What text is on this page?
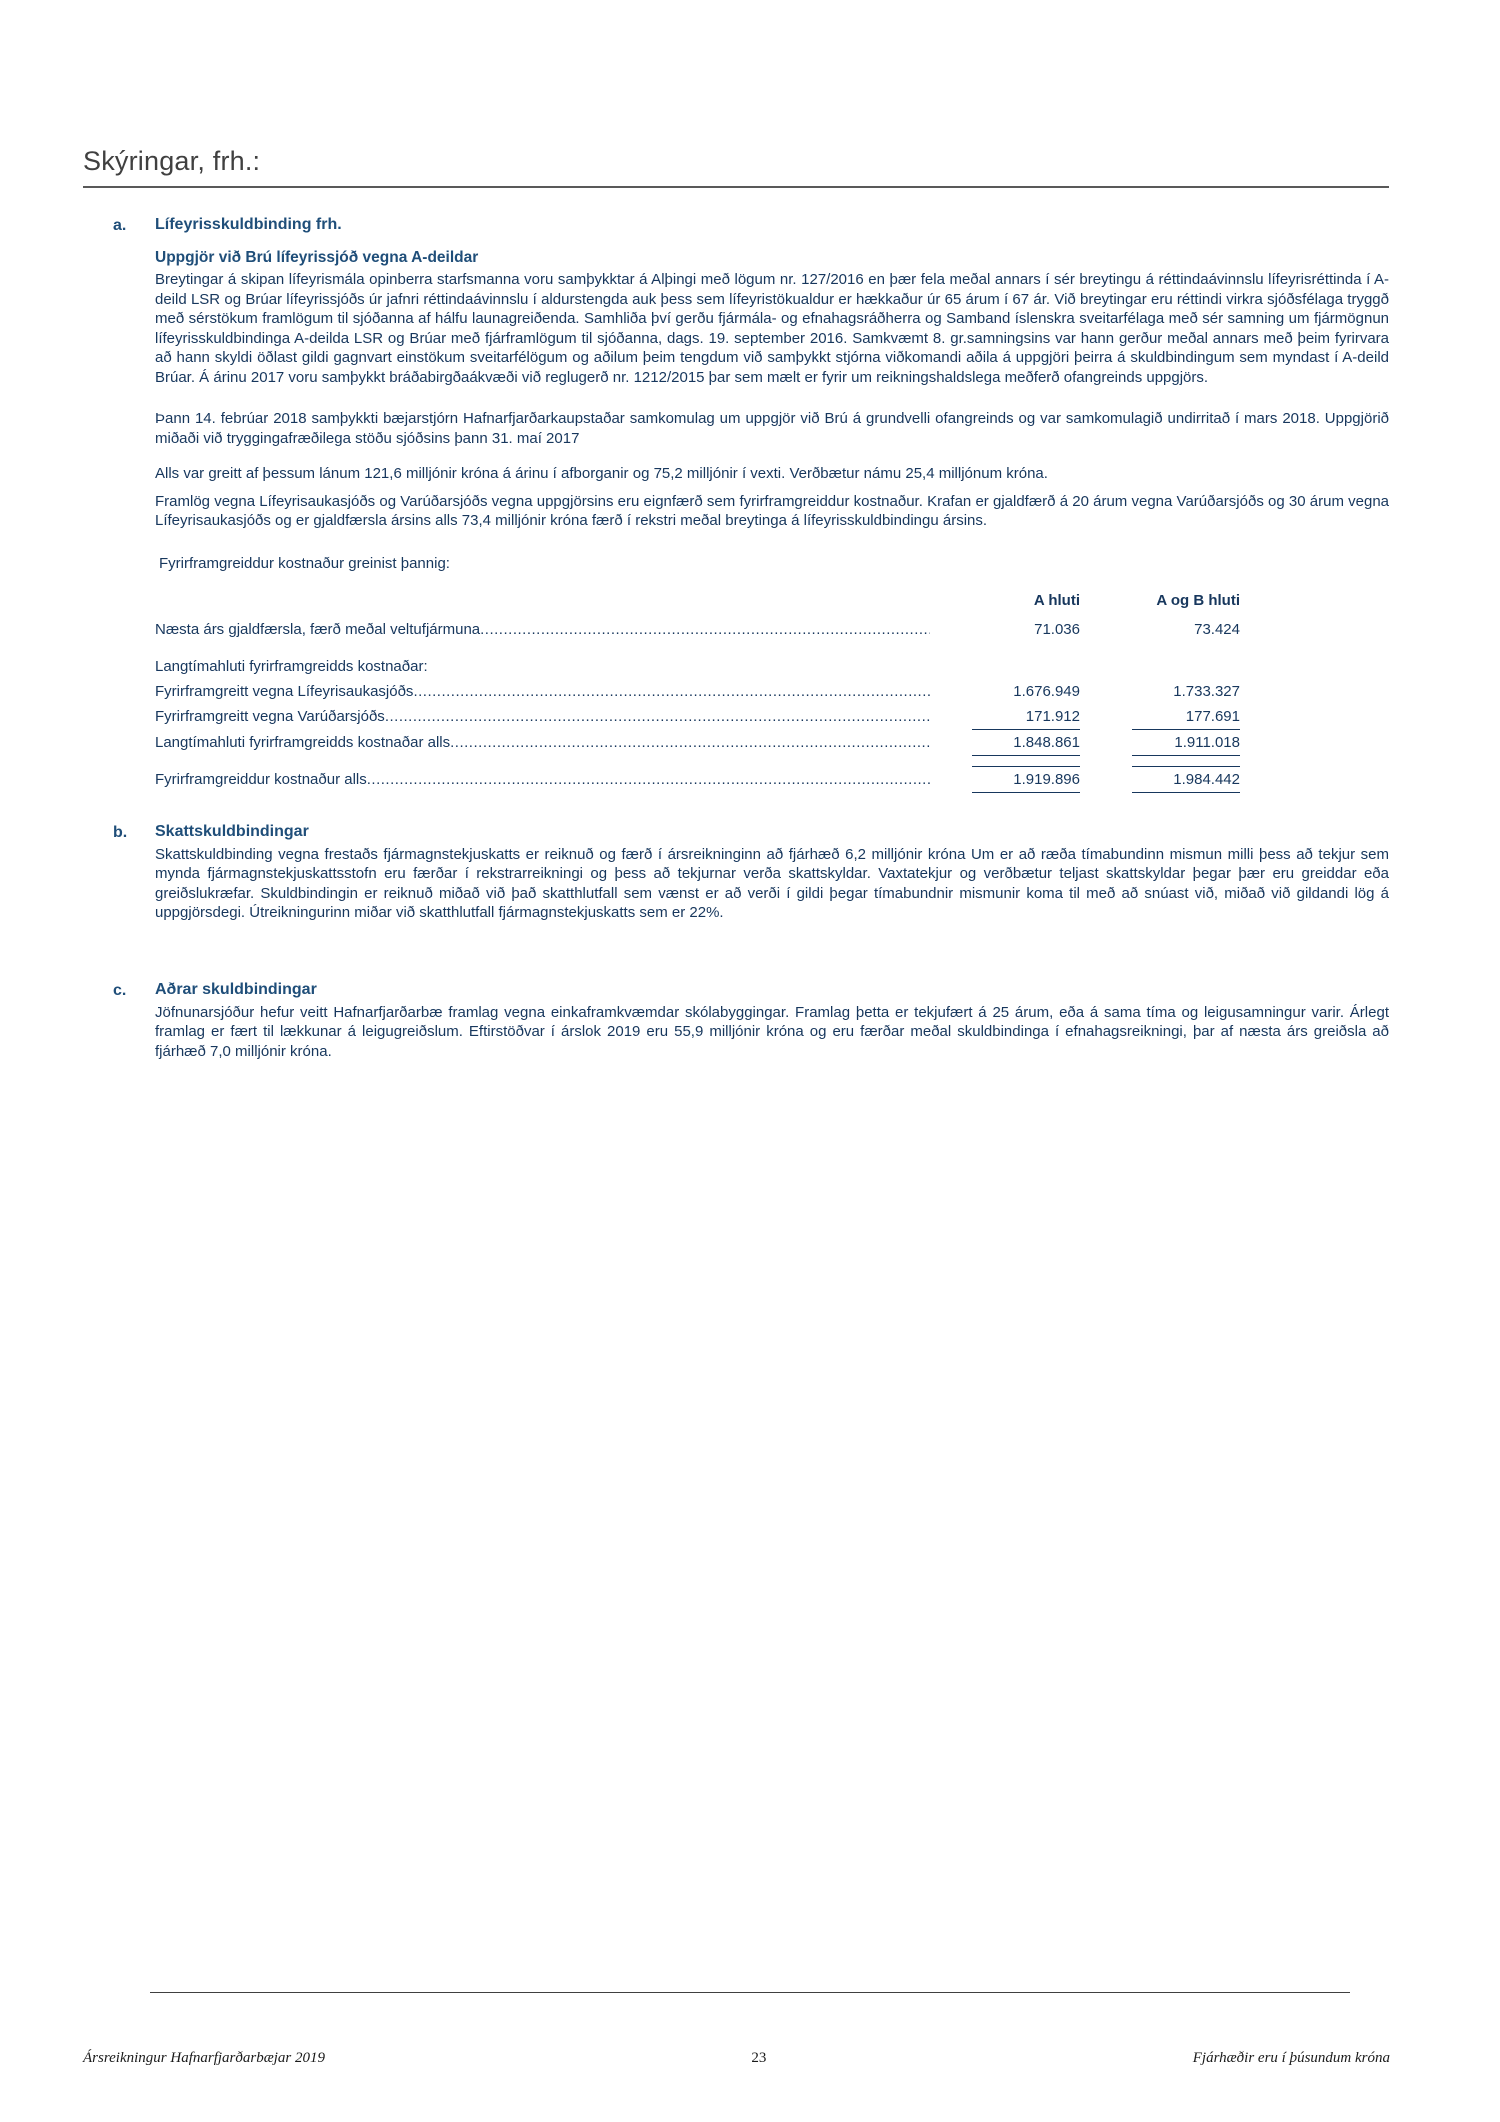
Skýringar, frh.:
a.	Lífeyrisskuldbinding frh.
Uppgjör við Brú lífeyrissjóð vegna A-deildar
Breytingar á skipan lífeyrismála opinberra starfsmanna voru samþykktar á Alþingi með lögum nr. 127/2016 en þær fela meðal annars í sér breytingu á réttindaávinnslu lífeyrisréttinda í A-deild LSR og Brúar lífeyrissjóðs úr jafnri réttindaávinnslu í aldurstengda auk þess sem lífeyristökualdur er hækkaður úr 65 árum í 67 ár. Við breytingar eru réttindi virkra sjóðsfélaga tryggð með sérstökum framlögum til sjóðanna af hálfu launagreiðenda. Samhliða því gerðu fjármála- og efnahagsráðherra og Samband íslenskra sveitarfélaga með sér samning um fjármögnun lífeyrisskuldbindinga A-deilda LSR og Brúar með fjárframlögum til sjóðanna, dags. 19. september 2016. Samkvæmt 8. gr.samningsins var hann gerður meðal annars með þeim fyrirvara að hann skyldi öðlast gildi gagnvart einstökum sveitarfélögum og aðilum þeim tengdum við samþykkt stjórna viðkomandi aðila á uppgjöri þeirra á skuldbindingum sem myndast í A-deild Brúar. Á árinu 2017 voru samþykkt bráðabirgðaákvæði við reglugerð nr. 1212/2015 þar sem mælt er fyrir um reikningshaldslega meðferð ofangreinds uppgjörs.
Þann 14. febrúar 2018 samþykkti bæjarstjórn Hafnarfjarðarkaupstaðar samkomulag um uppgjör við Brú á grundvelli ofangreinds og var samkomulagið undirritað í mars 2018. Uppgjörið miðaði við tryggingafræðilega stöðu sjóðsins þann 31. maí 2017
Alls var greitt af þessum lánum 121,6 milljónir króna á árinu í afborganir og 75,2 milljónir í vexti. Verðbætur námu 25,4 milljónum króna.
Framlög vegna Lífeyrisaukasjóðs og Varúðarsjóðs vegna uppgjörsins eru eignfærð sem fyrirframgreiddur kostnaður. Krafan er gjaldfærð á 20 árum vegna Varúðarsjóðs og 30 árum vegna Lífeyrisaukasjóðs og er gjaldfærsla ársins alls 73,4 milljónir króna færð í rekstri meðal breytinga á lífeyrisskuldbindingu ársins.
Fyrirframgreiddur kostnaður greinist þannig:
A hluti	A og B hluti
Næsta árs gjaldfærsla, færð meðal veltufjármuna .....	71.036	73.424
Langtímahluti fyrirframgreidds kostnaðar:
Fyrirframgreitt vegna Lífeyrisaukasjóðs .....	1.676.949	1.733.327
Fyrirframgreitt vegna Varúðarsjóðs .....	171.912	177.691
Langtímahluti fyrirframgreidds kostnaðar alls .....	1.848.861	1.911.018
Fyrirframgreiddur kostnaður alls .....	1.919.896	1.984.442
b.	Skattskuldbindingar
Skattskuldbinding vegna frestaðs fjármagnstekjuskatts er reiknuð og færð í ársreikninginn að fjárhæð 6,2 milljónir króna Um er að ræða tímabundinn mismun milli þess að tekjur sem mynda fjármagnstekjuskattsstofn eru færðar í rekstrarreikningi og þess að tekjurnar verða skattskyldar. Vaxtatekjur og verðbætur teljast skattskyldar þegar þær eru greiddar eða greiðslukræfar. Skuldbindingin er reiknuð miðað við það skatthlutfall sem vænst er að verði í gildi þegar tímabundnir mismunir koma til með að snúast við, miðað við gildandi lög á uppgjörsdegi. Útreikningurinn miðar við skatthlutfall fjármagnstekjuskatts sem er 22%.
c.	Aðrar skuldbindingar
Jöfnunarsjóður hefur veitt Hafnarfjarðarbæ framlag vegna einkaframkvæmdar skólabyggingar. Framlag þetta er tekjufært á 25 árum, eða á sama tíma og leigusamningur varir. Árlegt framlag er fært til lækkunar á leigugreiðslum. Eftirstöðvar í árslok 2019 eru 55,9 milljónir króna og eru færðar meðal skuldbindinga í efnahagsreikningi, þar af næsta árs greiðsla að fjárhæð 7,0 milljónir króna.
Ársreikningur Hafnarfjarðarbæjar 2019	23	Fjárhæðir eru í þúsundum króna
